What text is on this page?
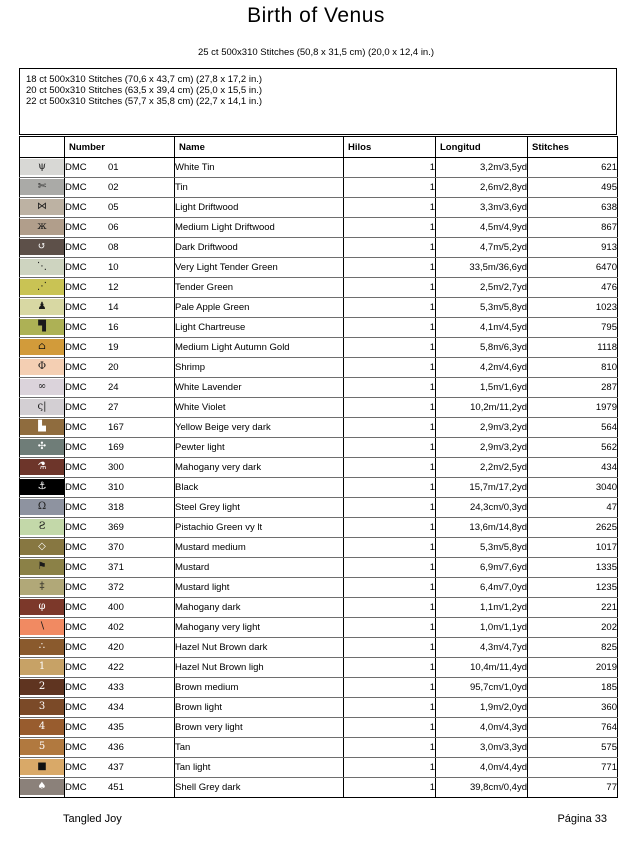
Birth of Venus
25 ct 500x310 Stitches (50,8 x 31,5 cm) (20,0 x 12,4 in.)
18 ct 500x310 Stitches (70,6 x 43,7 cm) (27,8 x 17,2 in.)
20 ct 500x310 Stitches (63,5 x 39,4 cm) (25,0 x 15,5 in.)
22 ct 500x310 Stitches (57,7 x 35,8 cm) (22,7 x 14,1 in.)
	Number	Name	Hilos	Longitud	Stitches

ψ	DMC 01	White Tin	1	3,2m/3,5yd	621

✄	DMC 02	Tin	1	2,6m/2,8yd	495

⋈	DMC 05	Light Driftwood	1	3,3m/3,6yd	638

ж	DMC 06	Medium Light Driftwood	1	4,5m/4,9yd	867

↺	DMC 08	Dark Driftwood	1	4,7m/5,2yd	913

⋱	DMC 10	Very Light Tender Green	1	33,5m/36,6yd	6470

⋰	DMC 12	Tender Green	1	2,5m/2,7yd	476

♟	DMC 14	Pale Apple Green	1	5,3m/5,8yd	1023

▜	DMC 16	Light Chartreuse	1	4,1m/4,5yd	795

⌂	DMC 19	Medium Light Autumn Gold	1	5,8m/6,3yd	1118

Φ	DMC 20	Shrimp	1	4,2m/4,6yd	810

∞	DMC 24	White Lavender	1	1,5m/1,6yd	287

ς|	DMC 27	White Violet	1	10,2m/11,2yd	1979

▙	DMC 167	Yellow Beige very dark	1	2,9m/3,2yd	564

✣	DMC 169	Pewter light	1	2,9m/3,2yd	562

⚗	DMC 300	Mahogany very dark	1	2,2m/2,5yd	434

⚓	DMC 310	Black	1	15,7m/17,2yd	3040

Ω	DMC 318	Steel Grey light	1	24,3cm/0,3yd	47

Ƨ	DMC 369	Pistachio Green vy lt	1	13,6m/14,8yd	2625

◇	DMC 370	Mustard medium	1	5,3m/5,8yd	1017

⚑	DMC 371	Mustard	1	6,9m/7,6yd	1335

‡	DMC 372	Mustard light	1	6,4m/7,0yd	1235

φ	DMC 400	Mahogany dark	1	1,1m/1,2yd	221

∖	DMC 402	Mahogany very light	1	1,0m/1,1yd	202

∴	DMC 420	Hazel Nut Brown dark	1	4,3m/4,7yd	825

1	DMC 422	Hazel Nut Brown ligh	1	10,4m/11,4yd	2019

2	DMC 433	Brown medium	1	95,7cm/1,0yd	185

3	DMC 434	Brown light	1	1,9m/2,0yd	360

4	DMC 435	Brown very light	1	4,0m/4,3yd	764

5	DMC 436	Tan	1	3,0m/3,3yd	575

■	DMC 437	Tan light	1	4,0m/4,4yd	771

♠	DMC 451	Shell Grey dark	1	39,8cm/0,4yd	77
Tangled Joy	Página 33
